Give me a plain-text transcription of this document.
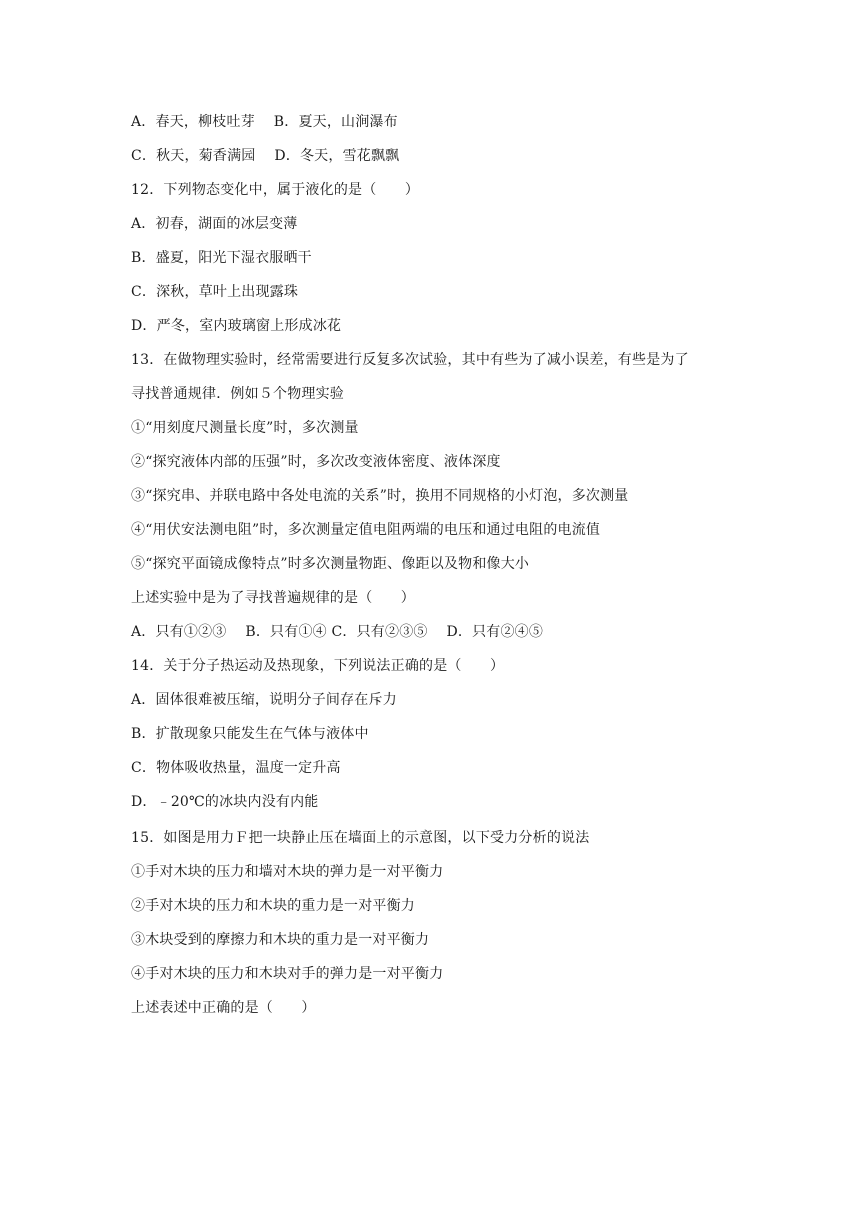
A．春天，柳枝吐芽　 B．夏天，山涧瀑布
C．秋天，菊香满园　 D．冬天，雪花飘飘
12．下列物态变化中，属于液化的是（　　）
A．初春，湖面的冰层变薄
B．盛夏，阳光下湿衣服晒干
C．深秋，草叶上出现露珠
D．严冬，室内玻璃窗上形成冰花
13．在做物理实验时，经常需要进行反复多次试验，其中有些为了减小误差，有些是为了
寻找普通规律．例如５个物理实验
①“用刻度尺测量长度”时，多次测量
②“探究液体内部的压强”时，多次改变液体密度、液体深度
③“探究串、并联电路中各处电流的关系”时，换用不同规格的小灯泡，多次测量
④“用伏安法测电阻”时，多次测量定值电阻两端的电压和通过电阻的电流值
⑤“探究平面镜成像特点”时多次测量物距、像距以及物和像大小
上述实验中是为了寻找普遍规律的是（　　）
A．只有①②③　 B．只有①④ C．只有②③⑤　 D．只有②④⑤
14．关于分子热运动及热现象，下列说法正确的是（　　）
A．固体很难被压缩，说明分子间存在斥力
B．扩散现象只能发生在气体与液体中
C．物体吸收热量，温度一定升高
D．﹣20℃的冰块内没有内能
15．如图是用力Ｆ把一块静止压在墙面上的示意图，以下受力分析的说法
①手对木块的压力和墙对木块的弹力是一对平衡力
②手对木块的压力和木块的重力是一对平衡力
③木块受到的摩擦力和木块的重力是一对平衡力
④手对木块的压力和木块对手的弹力是一对平衡力
上述表述中正确的是（　　）
